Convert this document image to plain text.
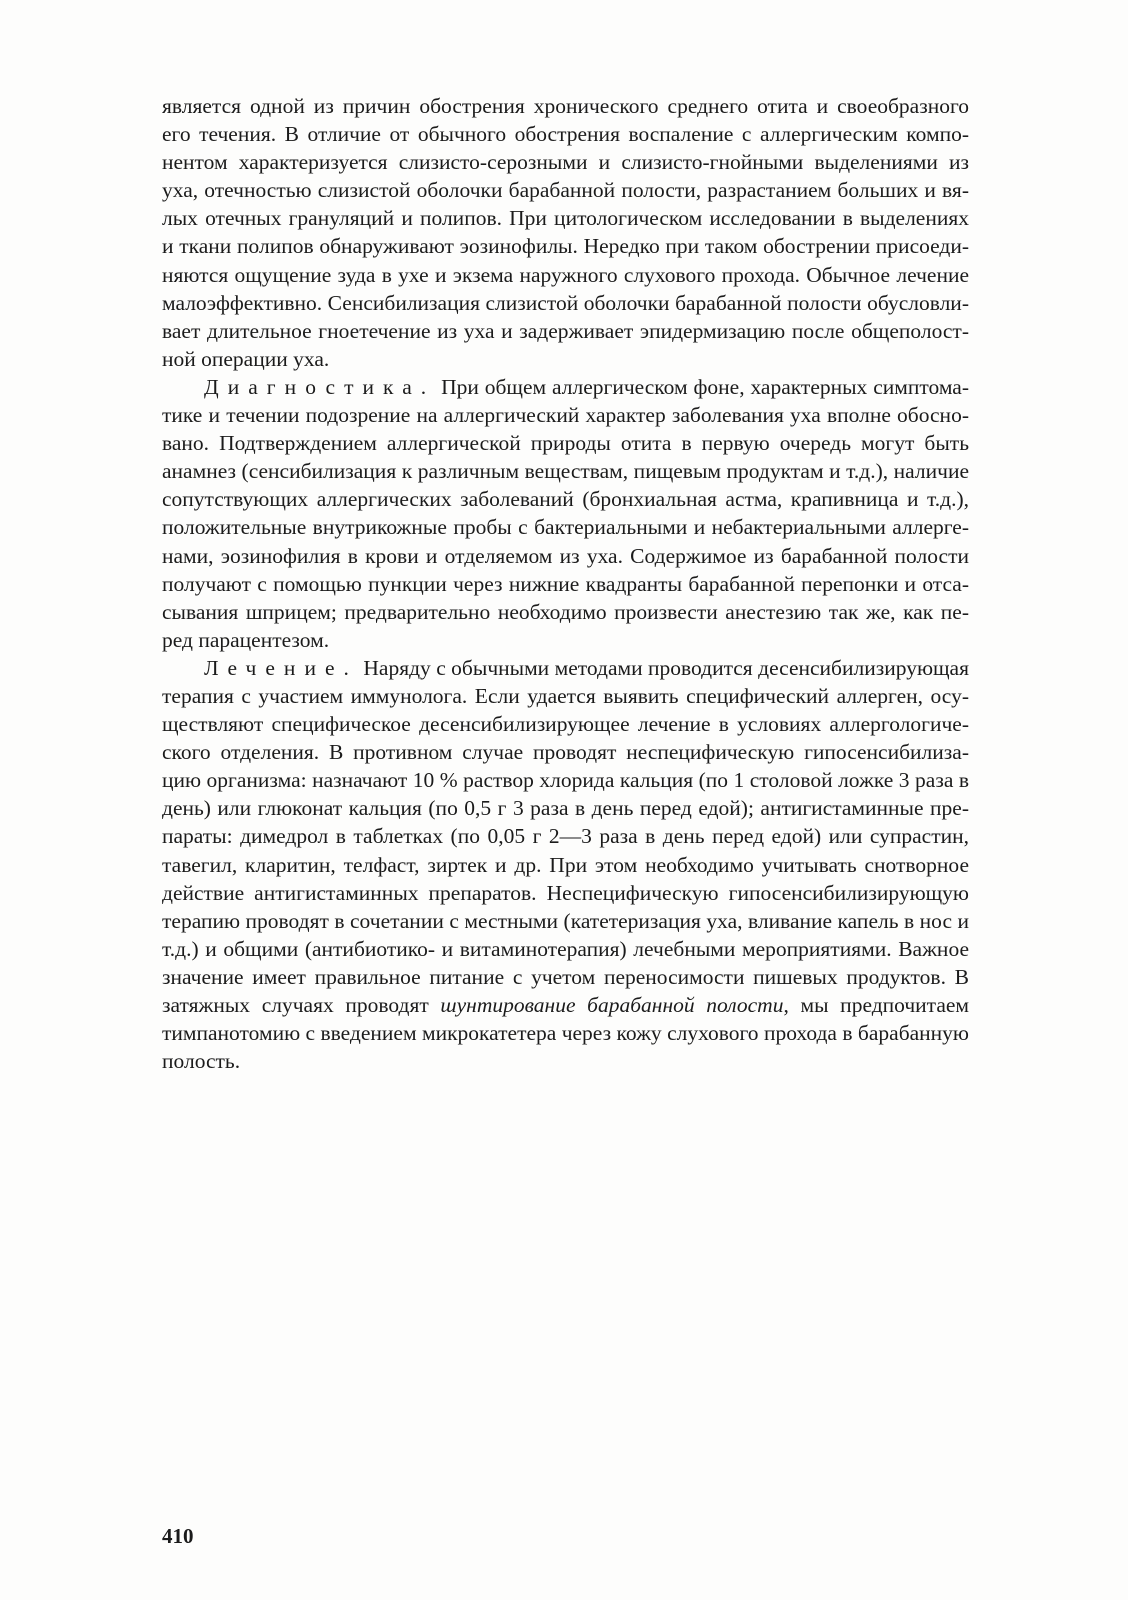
является одной из причин обострения хронического среднего отита и своеобразного его течения. В отличие от обычного обострения воспаление с аллергическим компонентом характеризуется слизисто-серозными и слизисто-гнойными выделениями из уха, отечностью слизистой оболочки барабанной полости, разрастанием больших и вялых отечных грануляций и полипов. При цитологическом исследовании в выделениях и ткани полипов обнаруживают эозинофилы. Нередко при таком обострении присоединяются ощущение зуда в ухе и экзема наружного слухового прохода. Обычное лечение малоэффективно. Сенсибилизация слизистой оболочки барабанной полости обусловливает длительное гноетечение из уха и задерживает эпидермизацию после общеполостной операции уха.

Диагностика. При общем аллергическом фоне, характерных симптоматике и течении подозрение на аллергический характер заболевания уха вполне обосновано. Подтверждением аллергической природы отита в первую очередь могут быть анамнез (сенсибилизация к различным веществам, пищевым продуктам и т.д.), наличие сопутствующих аллергических заболеваний (бронхиальная астма, крапивница и т.д.), положительные внутрикожные пробы с бактериальными и небактериальными аллергенами, эозинофилия в крови и отделяемом из уха. Содержимое из барабанной полости получают с помощью пункции через нижние квадранты барабанной перепонки и отсасывания шприцем; предварительно необходимо произвести анестезию так же, как перед парацентезом.

Лечение. Наряду с обычными методами проводится десенсибилизирующая терапия с участием иммунолога. Если удается выявить специфический аллерген, осуществляют специфическое десенсибилизирующее лечение в условиях аллергологического отделения. В противном случае проводят неспецифическую гипосенсибилизацию организма: назначают 10 % раствор хлорида кальция (по 1 столовой ложке 3 раза в день) или глюконат кальция (по 0,5 г 3 раза в день перед едой); антигистаминные препараты: димедрол в таблетках (по 0,05 г 2—3 раза в день перед едой) или супрастин, тавегил, кларитин, телфаст, зиртек и др. При этом необходимо учитывать снотворное действие антигистаминных препаратов. Неспецифическую гипосенсибилизирующую терапию проводят в сочетании с местными (катетеризация уха, вливание капель в нос и т.д.) и общими (антибиотико- и витаминотерапия) лечебными мероприятиями. Важное значение имеет правильное питание с учетом переносимости пишевых продуктов. В затяжных случаях проводят шунтирование барабанной полости, мы предпочитаем тимпанотомию с введением микрокатетера через кожу слухового прохода в барабанную полость.

410
